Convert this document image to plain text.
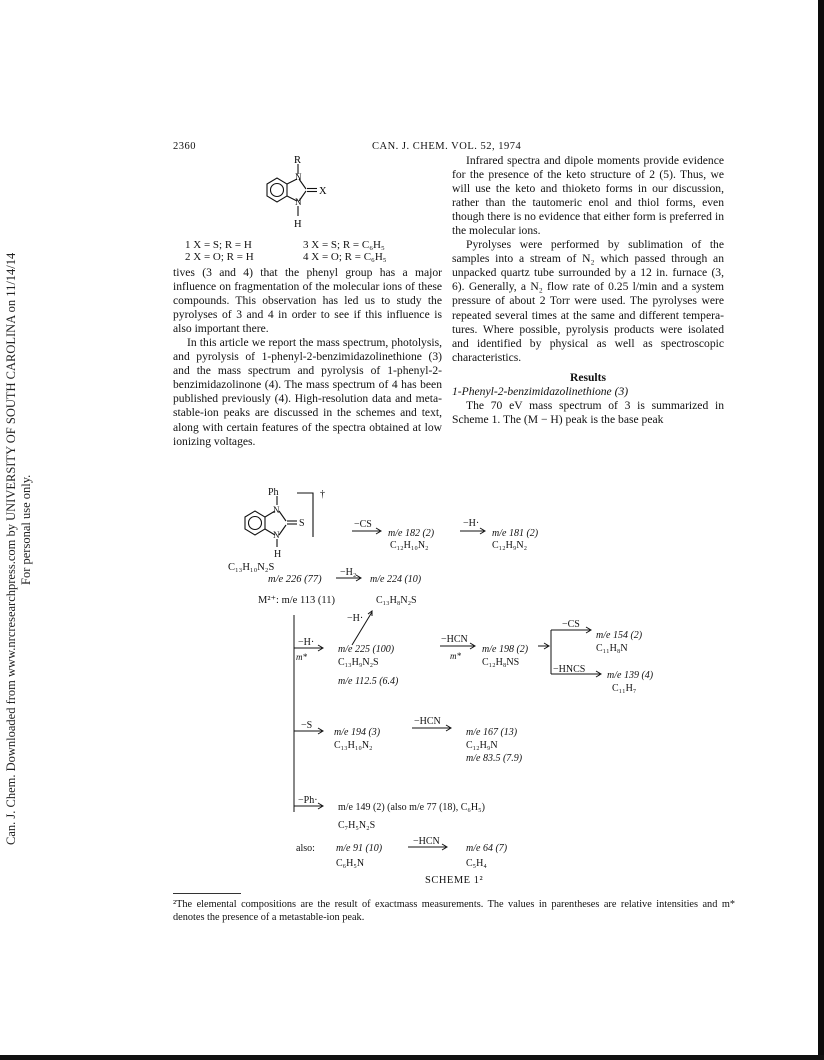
Can. J. Chem. Downloaded from www.nrcresearchpress.com by UNIVERSITY OF SOUTH CAROLINA on 11/14/14 For personal use only.
2360	CAN. J. CHEM. VOL. 52, 1974
R
N
N
X
H
1 X = S; R = H
2 X = O; R = H
3 X = S; R = C₆H₅
4 X = O; R = C₆H₅

tives (3 and 4) that the phenyl group has a major influence on fragmentation of the molecular ions of these compounds. This observation has led us to study the pyrolyses of 3 and 4 in order to see if this influence is also important there.

In this article we report the mass spectrum, photolysis, and pyrolysis of 1-phenyl-2-benzimidazolinethione (3) and the mass spectrum and pyrolysis of 1-phenyl-2-benzimidazolinone (4). The mass spectrum of 4 has been published previously (4). High-resolution data and metastable-ion peaks are discussed in the schemes and text, along with certain features of the spectra obtained at low ionizing voltages.

Infrared spectra and dipole moments provide evidence for the presence of the keto structure of 2 (5). Thus, we will use the keto and thioketo forms in our discussion, rather than the tautomeric enol and thiol forms, even though there is no evidence that either form is preferred in the molecular ions.

Pyrolyses were performed by sublimation of the samples into a stream of N₂ which passed through an unpacked quartz tube surrounded by a 12 in. furnace (3, 6). Generally, a N₂ flow rate of 0.25 l/min and a system pressure of about 2 Torr were used. The pyrolyses were repeated several times at the same and different temperatures. Where possible, pyrolysis products were isolated and identified by physical as well as spectroscopic characteristics.

Results

1-Phenyl-2-benzimidazolinethione (3)

The 70 eV mass spectrum of 3 is summarized in Scheme 1. The (M − H) peak is the base peak

Ph	†
N
N
S
H
C₁₃H₁₀N₂S
m/e 226 (77)
M²⁺: m/e 113 (11)
−CS
m/e 182 (2)
C₁₂H₁₀N₂
−H·
m/e 181 (2)
C₁₂H₉N₂
−H₂
m/e 224 (10)
C₁₃H₈N₂S
−H·
−H·
m*
m/e 225 (100)
C₁₃H₉N₂S
m/e 112.5 (6.4)
−HCN
m*
m/e 198 (2)
C₁₂H₈NS
−CS
m/e 154 (2)
C₁₁H₈N
−HNCS
m/e 139 (4)
C₁₁H₇
−S
m/e 194 (3)
C₁₃H₁₀N₂
−HCN
m/e 167 (13)
C₁₂H₉N
m/e 83.5 (7.9)
−Ph·
m/e 149 (2) (also m/e 77 (18), C₆H₅)
C₇H₅N₂S
also: m/e 91 (10)
C₆H₅N
−HCN
m/e 64 (7)
C₅H₄
SCHEME 1²
²The elemental compositions are the result of exactmass measurements. The values in parentheses are relative intensities and m* denotes the presence of a metastable-ion peak.
